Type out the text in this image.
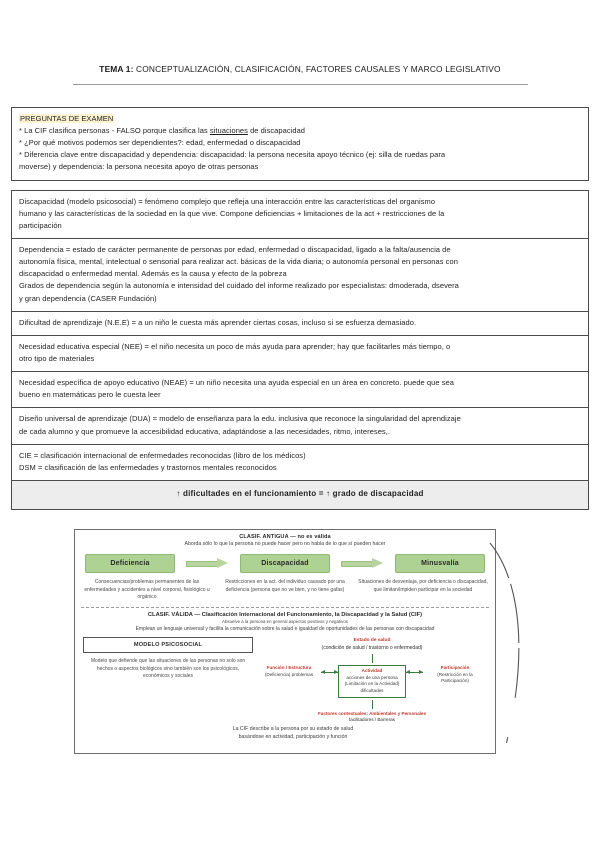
TEMA 1: CONCEPTUALIZACIÓN, CLASIFICACIÓN, FACTORES CAUSALES Y MARCO LEGISLATIVO
PREGUNTAS DE EXAMEN
* La CIF clasifica personas - FALSO porque clasifica las situaciones de discapacidad
* ¿Por qué motivos podemos ser dependientes?: edad, enfermedad o discapacidad
* Diferencia clave entre discapacidad y dependencia: discapacidad: la persona necesita apoyo técnico (ej: silla de ruedas para
moverse) y dependencia: la persona necesita apoyo de otras personas
Discapacidad (modelo psicosocial) = fenómeno complejo que refleja una interacción entre las características del organismo
humano y las características de la sociedad en la que vive. Compone deficiencias + limitaciones de la act + restricciones de la
participación
Dependencia = estado de carácter permanente de personas por edad, enfermedad o discapacidad, ligado a la falta/ausencia de
autonomía física, mental, intelectual o sensorial para realizar act. básicas de la vida diaria; o autonomía personal en personas con
discapacidad o enfermedad mental. Además es la causa y efecto de la pobreza
Grados de dependencia según la autonomía e intensidad del cuidado del informe realizado por especialistas: dmoderada, dsevera
y gran dependencia (CASER Fundación)
Dificultad de aprendizaje (N.E.E) = a un niño le cuesta más aprender ciertas cosas, incluso si se esfuerza demasiado.
Necesidad educativa especial (NEE) = el niño necesita un poco de más ayuda para aprender; hay que facilitarles más tiempo, o
otro tipo de materiales
Necesidad específica de apoyo educativo (NEAE) = un niño necesita una ayuda especial en un área en concreto. puede que sea
bueno en matemáticas pero le cuesta leer
Diseño universal de aprendizaje (DUA) = modelo de enseñanza para la edu. inclusiva que reconoce la singularidad del aprendizaje
de cada alumno y que promueve la accesibilidad educativa, adaptándose a las necesidades, ritmo, intereses,.
CIE = clasificación internacional de enfermedades reconocidas (libro de los médicos)
DSM = clasificación de las enfermedades y trastornos mentales reconocidos
↑ dificultades en el funcionamiento = ↑ grado de discapacidad
CLASIF. ANTIGUA — no es válida
Aborda sólo lo que la persona no puede hacer pero no habla de lo que sí pueden hacer
Deficiencia	Discapacidad	Minusvalía
Consecuencias/problemas permanentes de las enfermedades y accidentes a nivel corporal, fisiológico u orgánico
Restricciones en la act. del individuo causado por una deficiencia (persona que no ve bien, y no tiene gafas)
Situaciones de desventaja, por deficiencia o discapacidad, que limitan/impiden participar en la sociedad
CLASIF. VÁLIDA — Clasificación Internacional del Funcionamiento, la Discapacidad y la Salud (CIF)
Absuelve a la persona en general aspectos positivos y negativos
Emplean un lenguaje universal y facilita la comunicación sobre la salud e igualdad de oportunidades de las personas con discapacidad
MODELO PSICOSOCIAL
Modelo que defiende que las situaciones de las personas no solo son hechos o aspectos biológicos sino también son los psicológicos, económicos y sociales
Estado de salud
(condición de salud / trastorno o enfermedad)
Función / Estructura
(Deficiencia) problemas
Actividad
acciones de una persona
(Limitación en la Actividad) dificultades
Participación
(Restricción en la Participación)
Factores contextuales: Ambientales y Personales
facilitadores / Barreras
La CIF describe a la persona por su estado de salud
basándose en actividad, participación y función
